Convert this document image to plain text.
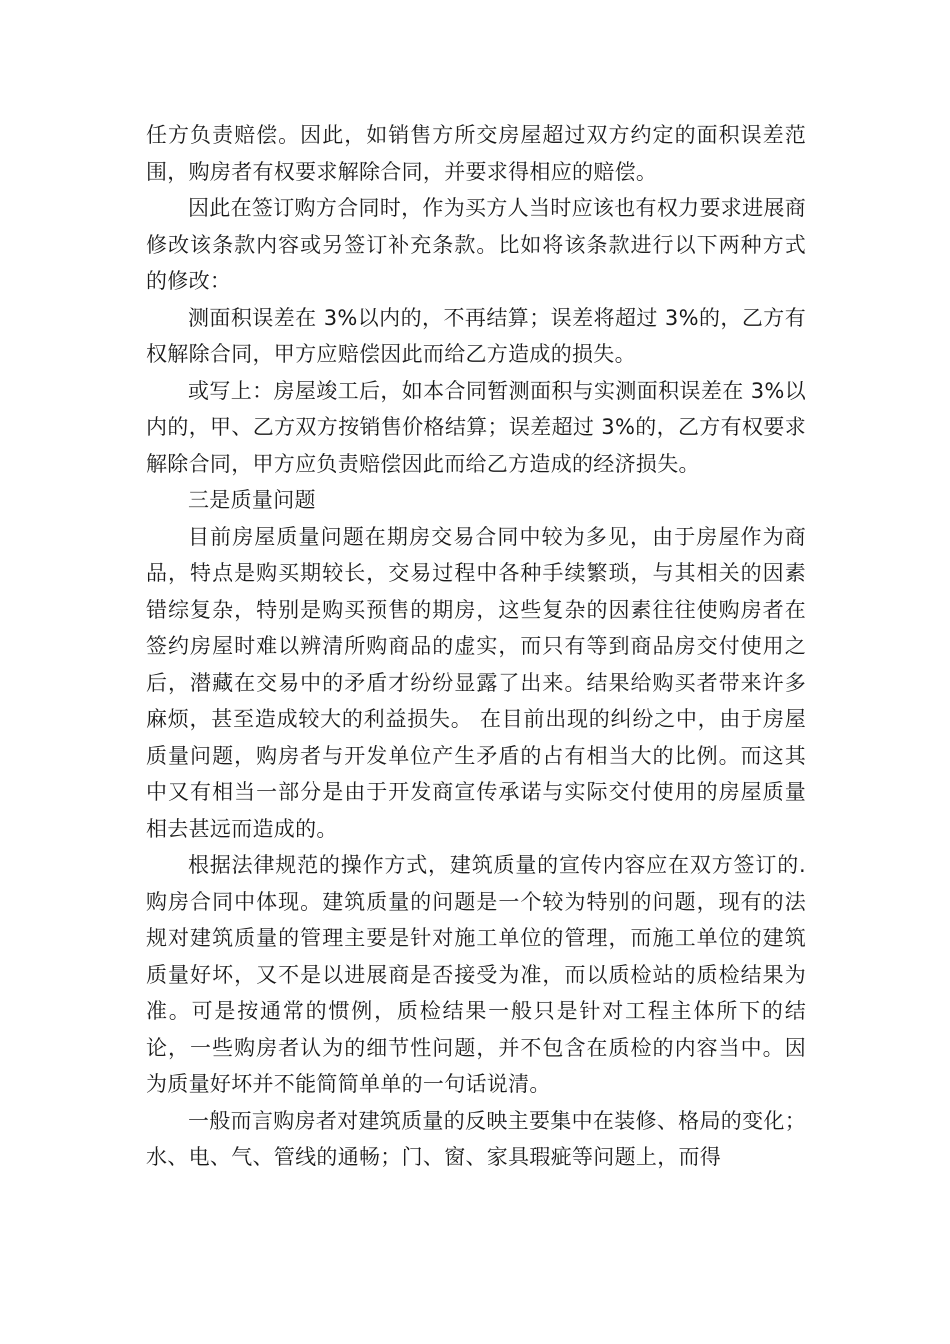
任方负责赔偿。因此，如销售方所交房屋超过双方约定的面积误差范围，购房者有权要求解除合同，并要求得相应的赔偿。

因此在签订购方合同时，作为买方人当时应该也有权力要求进展商修改该条款内容或另签订补充条款。比如将该条款进行以下两种方式的修改：

测面积误差在 3%以内的，不再结算；误差将超过 3%的，乙方有权解除合同，甲方应赔偿因此而给乙方造成的损失。

或写上：房屋竣工后，如本合同暂测面积与实测面积误差在 3%以内的，甲、乙方双方按销售价格结算；误差超过 3%的，乙方有权要求解除合同，甲方应负责赔偿因此而给乙方造成的经济损失。

三是质量问题

目前房屋质量问题在期房交易合同中较为多见，由于房屋作为商品，特点是购买期较长，交易过程中各种手续繁琐，与其相关的因素错综复杂，特别是购买预售的期房，这些复杂的因素往往使购房者在签约房屋时难以辨清所购商品的虚实，而只有等到商品房交付使用之后，潜藏在交易中的矛盾才纷纷显露了出来。结果给购买者带来许多麻烦，甚至造成较大的利益损失。 在目前出现的纠纷之中，由于房屋质量问题，购房者与开发单位产生矛盾的占有相当大的比例。而这其中又有相当一部分是由于开发商宣传承诺与实际交付使用的房屋质量相去甚远而造成的。

根据法律规范的操作方式，建筑质量的宣传内容应在双方签订的.购房合同中体现。建筑质量的问题是一个较为特别的问题，现有的法规对建筑质量的管理主要是针对施工单位的管理，而施工单位的建筑质量好坏，又不是以进展商是否接受为准，而以质检站的质检结果为准。可是按通常的惯例，质检结果一般只是针对工程主体所下的结论，一些购房者认为的细节性问题，并不包含在质检的内容当中。因为质量好坏并不能简简单单的一句话说清。

一般而言购房者对建筑质量的反映主要集中在装修、格局的变化；水、电、气、管线的通畅；门、窗、家具瑕疵等问题上，而得
